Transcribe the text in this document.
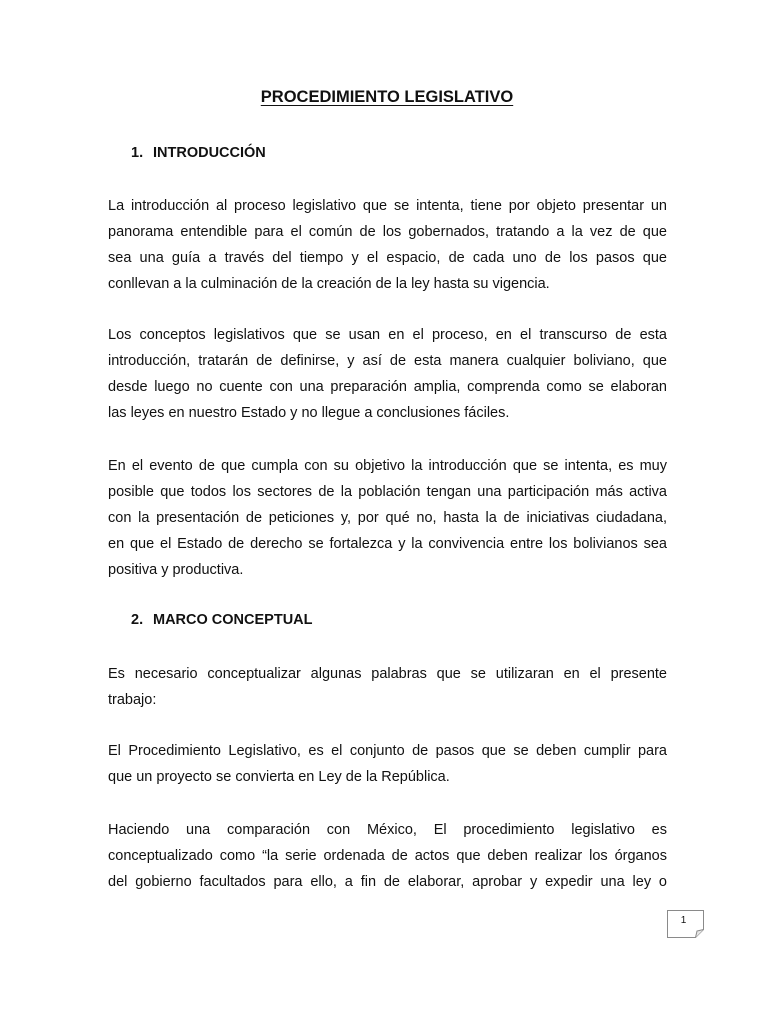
PROCEDIMIENTO LEGISLATIVO
1. INTRODUCCIÓN
La introducción al proceso legislativo que se intenta, tiene por objeto presentar un
panorama entendible para el común de los gobernados, tratando a la vez de que
sea una guía a través del tiempo y el espacio, de cada uno de los pasos que
conllevan a la culminación de la creación de la ley hasta su vigencia.
Los conceptos legislativos que se usan en el proceso, en el transcurso de esta
introducción, tratarán de definirse, y así de esta manera cualquier boliviano, que
desde luego no cuente con una preparación amplia, comprenda como se elaboran
las leyes en nuestro Estado y no llegue a conclusiones fáciles.
En el evento de que cumpla con su objetivo la introducción que se intenta, es muy
posible que todos los sectores de la población tengan una participación más activa
con la presentación de peticiones y, por qué no, hasta la de iniciativas ciudadana,
en que el Estado de derecho se fortalezca y la convivencia entre los bolivianos sea
positiva y productiva.
2. MARCO CONCEPTUAL
Es necesario conceptualizar algunas palabras que se utilizaran en el presente
trabajo:
El Procedimiento Legislativo, es el conjunto de pasos que se deben cumplir para
que un proyecto se convierta en Ley de la República.
Haciendo una comparación con México, El procedimiento legislativo es
conceptualizado como “la serie ordenada de actos que deben realizar los órganos
del gobierno facultados para ello, a fin de elaborar, aprobar y expedir una ley o
1
